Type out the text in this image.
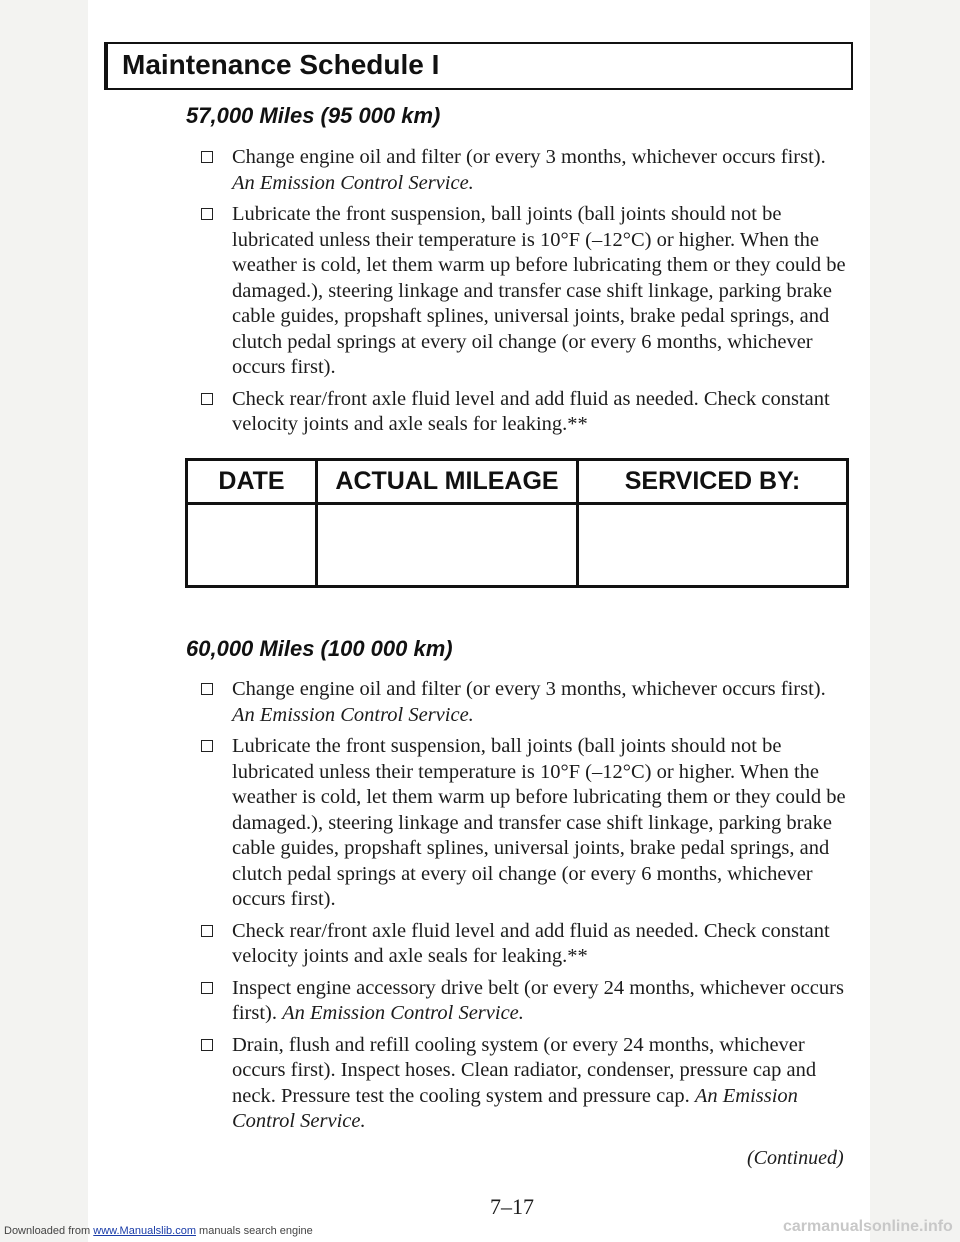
Maintenance Schedule I
57,000 Miles (95 000 km)
Change engine oil and filter (or every 3 months, whichever occurs first). An Emission Control Service.
Lubricate the front suspension, ball joints (ball joints should not be lubricated unless their temperature is 10°F (–12°C) or higher. When the weather is cold, let them warm up before lubricating them or they could be damaged.), steering linkage and transfer case shift linkage, parking brake cable guides, propshaft splines, universal joints, brake pedal springs, and clutch pedal springs at every oil change (or every 6 months, whichever occurs first).
Check rear/front axle fluid level and add fluid as needed. Check constant velocity joints and axle seals for leaking.**
DATE	ACTUAL MILEAGE	SERVICED BY:

60,000 Miles (100 000 km)
Change engine oil and filter (or every 3 months, whichever occurs first). An Emission Control Service.
Lubricate the front suspension, ball joints (ball joints should not be lubricated unless their temperature is 10°F (–12°C) or higher. When the weather is cold, let them warm up before lubricating them or they could be damaged.), steering linkage and transfer case shift linkage, parking brake cable guides, propshaft splines, universal joints, brake pedal springs, and clutch pedal springs at every oil change (or every 6 months, whichever occurs first).
Check rear/front axle fluid level and add fluid as needed. Check constant velocity joints and axle seals for leaking.**
Inspect engine accessory drive belt (or every 24 months, whichever occurs first). An Emission Control Service.
Drain, flush and refill cooling system (or every 24 months, whichever occurs first). Inspect hoses. Clean radiator, condenser, pressure cap and neck. Pressure test the cooling system and pressure cap. An Emission Control Service.
(Continued)
7–17
Downloaded from www.Manualslib.com manuals search engine	carmanualsonline.info
